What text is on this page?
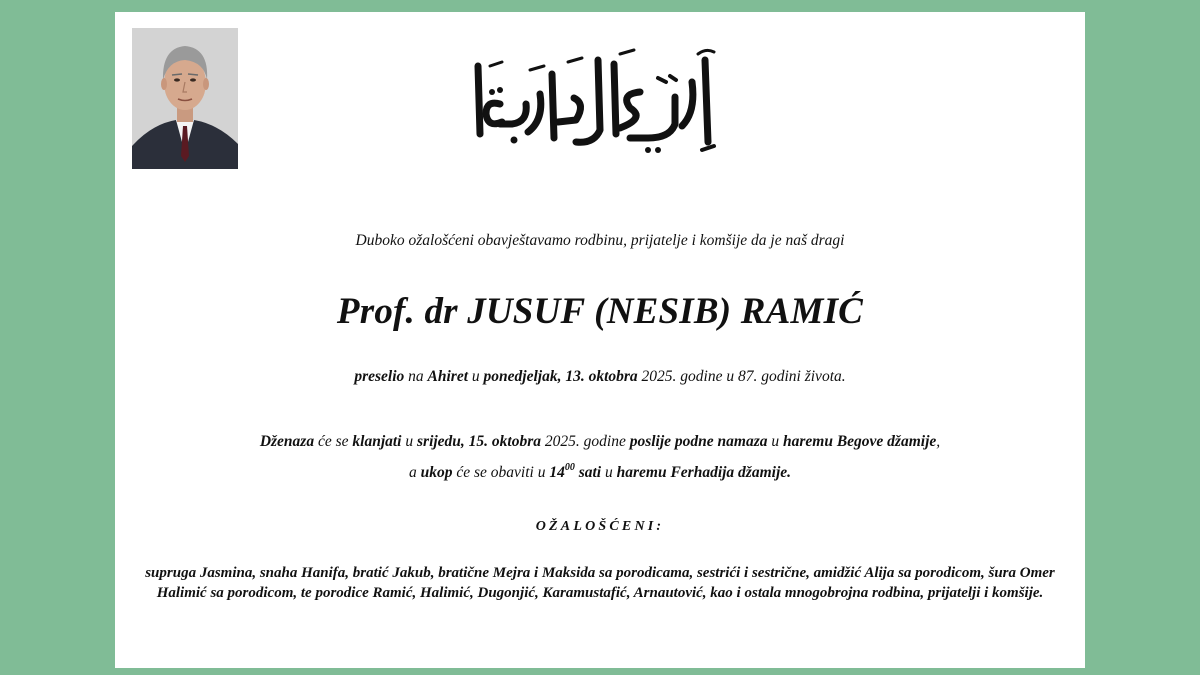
Duboko ožalošćeni obavještavamo rodbinu, prijatelje i komšije da je naš dragi
Prof. dr JUSUF (NESIB) RAMIĆ
preselio na Ahiret u ponedjeljak, 13. oktobra 2025. godine u 87. godini života.
Dženaza će se klanjati u srijedu, 15. oktobra 2025. godine poslije podne namaza u haremu Begove džamije,
a ukop će se obaviti u $14^{00}$ sati u haremu Ferhadija džamije.
OŽALOŠĆENI:
supruga Jasmina, snaha Hanifa, bratić Jakub, bratične Mejra i Maksida sa porodicama, sestrići i sestrične, amidžić Alija sa porodicom, šura Omer Halimić sa porodicom, te porodice Ramić, Halimić, Dugonjić, Karamustafić, Arnautović, kao i ostala mnogobrojna rodbina, prijatelji i komšije.
